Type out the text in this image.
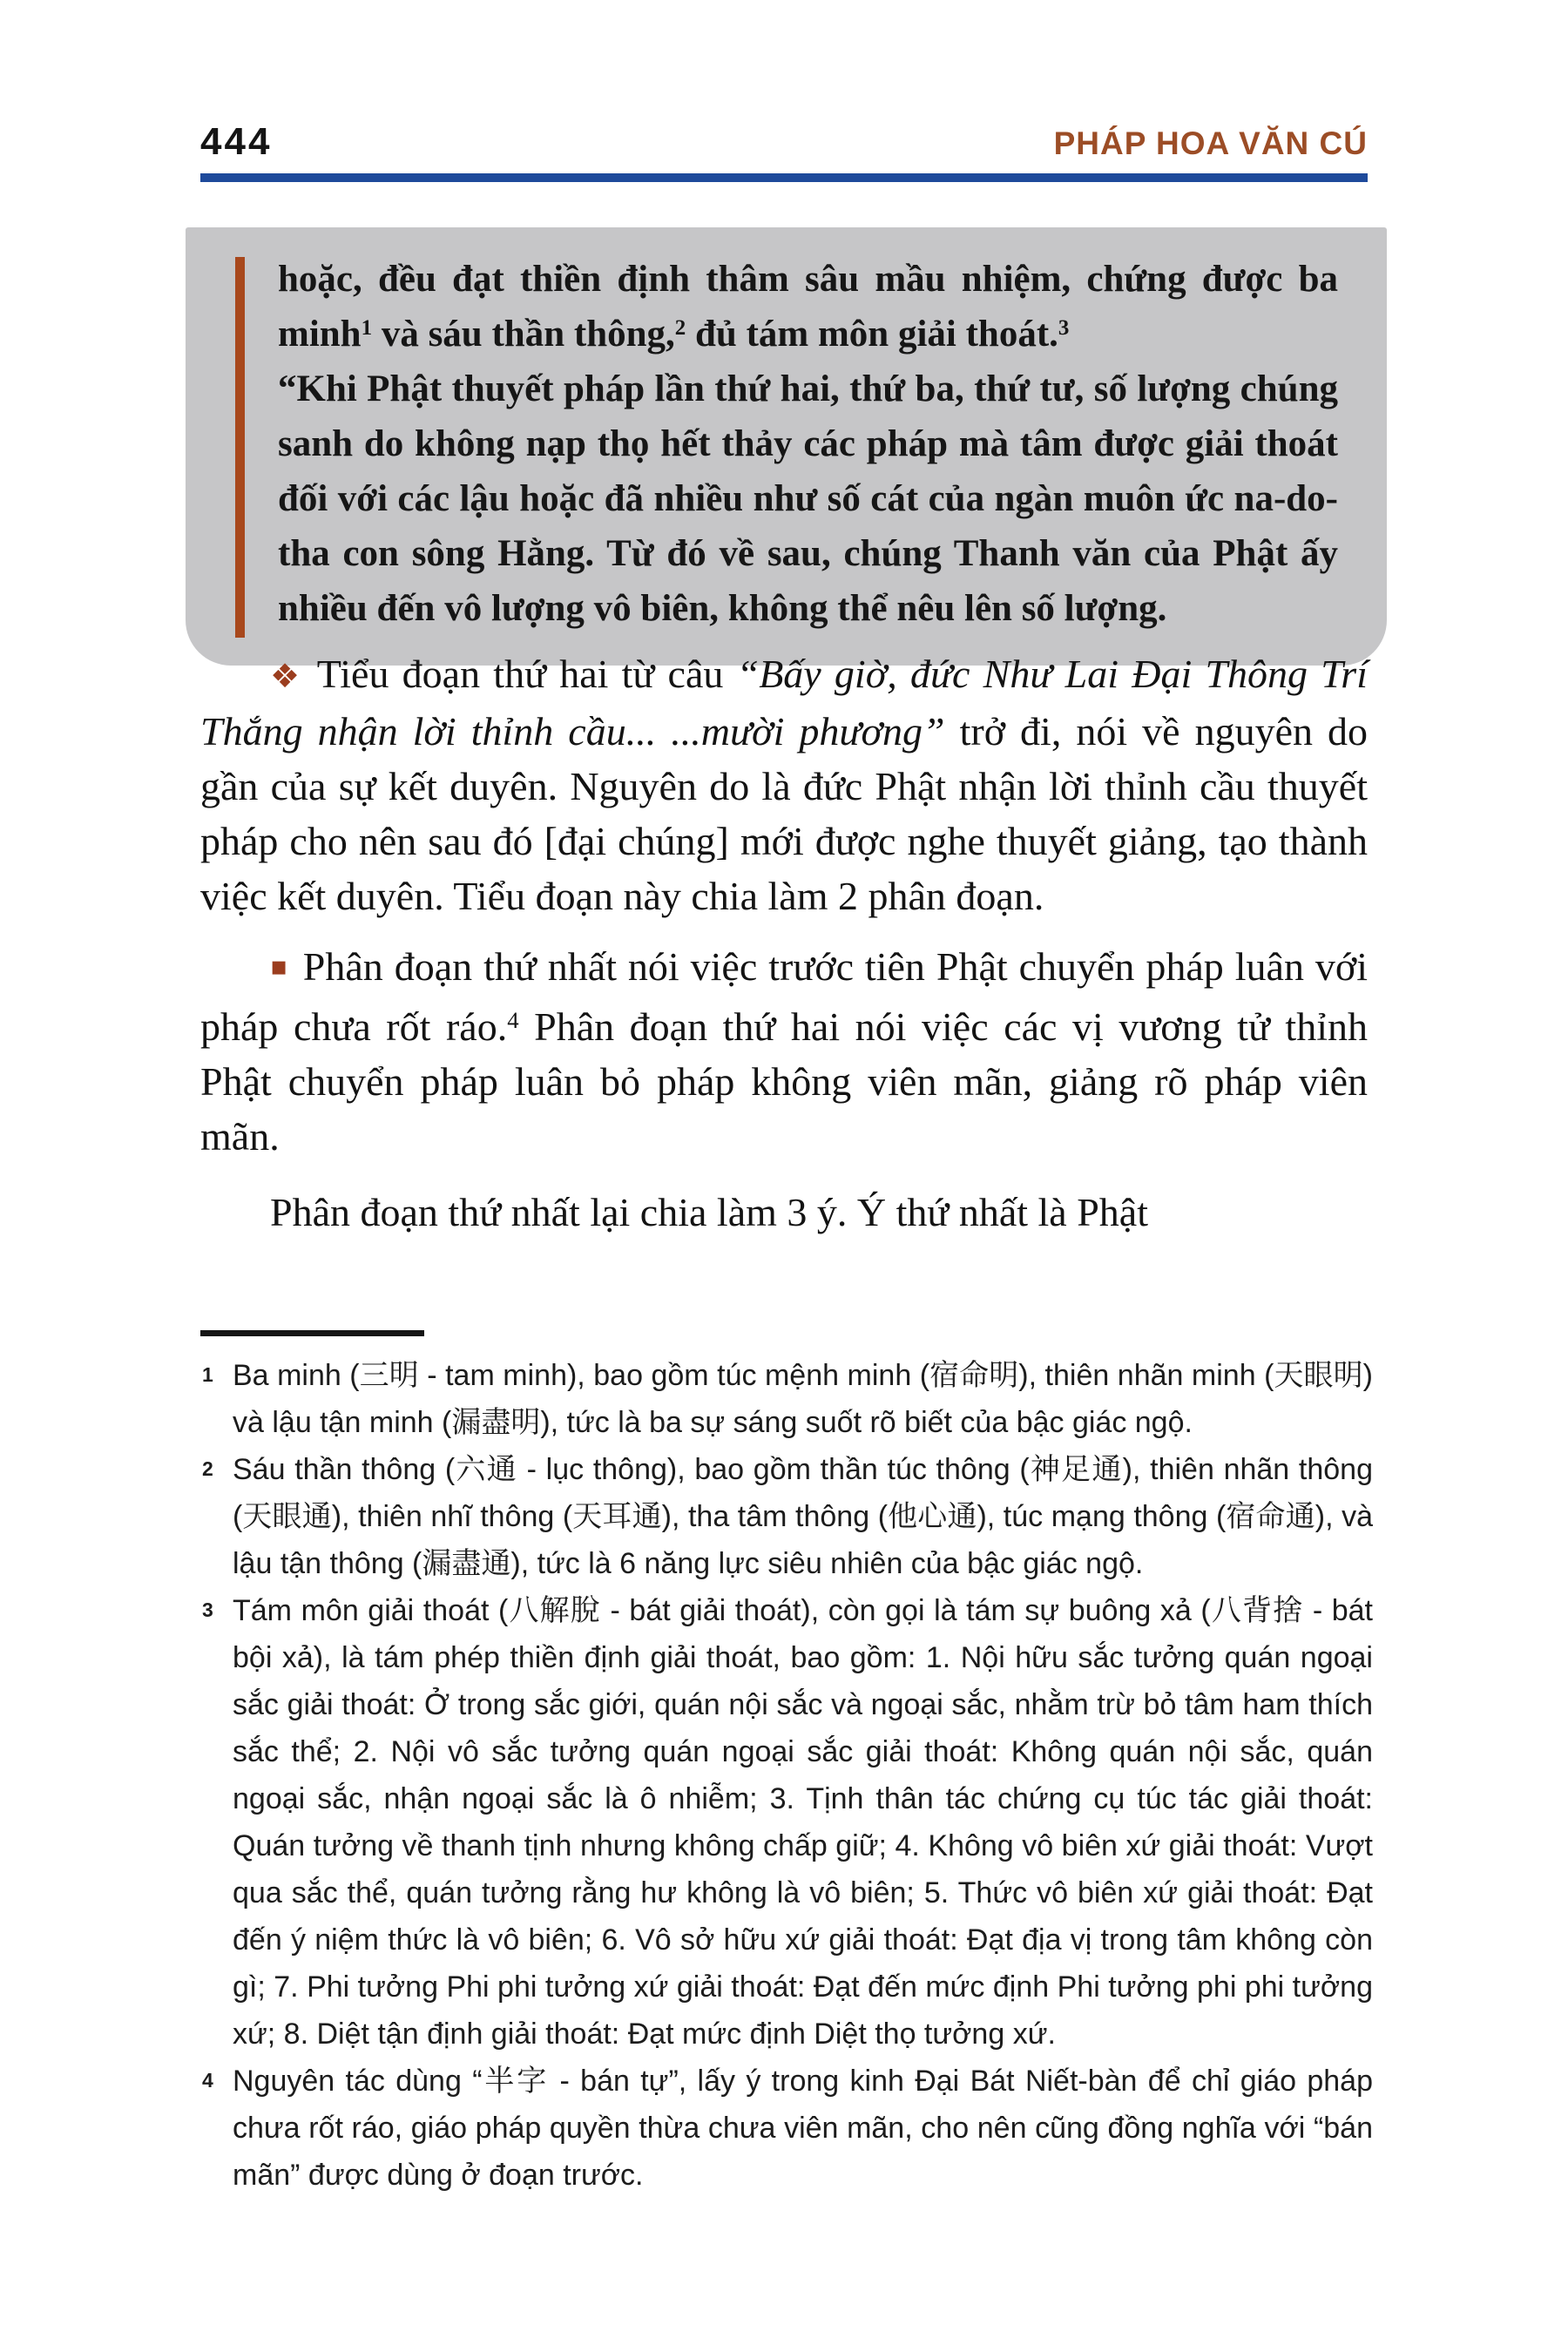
444	PHÁP HOA VĂN CÚ

hoặc, đều đạt thiền định thâm sâu mầu nhiệm, chứng được ba minh$^1$ và sáu thần thông,$^2$ đủ tám môn giải thoát.$^3$

“Khi Phật thuyết pháp lần thứ hai, thứ ba, thứ tư, số lượng chúng sanh do không nạp thọ hết thảy các pháp mà tâm được giải thoát đối với các lậu hoặc đã nhiều như số cát của ngàn muôn ức na-do-tha con sông Hằng. Từ đó về sau, chúng Thanh văn của Phật ấy nhiều đến vô lượng vô biên, không thể nêu lên số lượng.

❖ Tiểu đoạn thứ hai từ câu “Bấy giờ, đức Như Lai Đại Thông Trí Thắng nhận lời thỉnh cầu... ...mười phương” trở đi, nói về nguyên do gần của sự kết duyên. Nguyên do là đức Phật nhận lời thỉnh cầu thuyết pháp cho nên sau đó [đại chúng] mới được nghe thuyết giảng, tạo thành việc kết duyên. Tiểu đoạn này chia làm 2 phân đoạn.

▪ Phân đoạn thứ nhất nói việc trước tiên Phật chuyển pháp luân với pháp chưa rốt ráo.$^4$ Phân đoạn thứ hai nói việc các vị vương tử thỉnh Phật chuyển pháp luân bỏ pháp không viên mãn, giảng rõ pháp viên mãn.

Phân đoạn thứ nhất lại chia làm 3 ý. Ý thứ nhất là Phật

1 Ba minh (三明 - tam minh), bao gồm túc mệnh minh (宿命明), thiên nhãn minh (天眼明) và lậu tận minh (漏盡明), tức là ba sự sáng suốt rõ biết của bậc giác ngộ.
2 Sáu thần thông (六通 - lục thông), bao gồm thần túc thông (神足通), thiên nhãn thông (天眼通), thiên nhĩ thông (天耳通), tha tâm thông (他心通), túc mạng thông (宿命通), và lậu tận thông (漏盡通), tức là 6 năng lực siêu nhiên của bậc giác ngộ.
3 Tám môn giải thoát (八解脫 - bát giải thoát), còn gọi là tám sự buông xả (八背捨 - bát bội xả), là tám phép thiền định giải thoát, bao gồm: 1. Nội hữu sắc tưởng quán ngoại sắc giải thoát: Ở trong sắc giới, quán nội sắc và ngoại sắc, nhằm trừ bỏ tâm ham thích sắc thể; 2. Nội vô sắc tưởng quán ngoại sắc giải thoát: Không quán nội sắc, quán ngoại sắc, nhận ngoại sắc là ô nhiễm; 3. Tịnh thân tác chứng cụ túc tác giải thoát: Quán tưởng về thanh tịnh nhưng không chấp giữ; 4. Không vô biên xứ giải thoát: Vượt qua sắc thể, quán tưởng rằng hư không là vô biên; 5. Thức vô biên xứ giải thoát: Đạt đến ý niệm thức là vô biên; 6. Vô sở hữu xứ giải thoát: Đạt địa vị trong tâm không còn gì; 7. Phi tưởng Phi phi tưởng xứ giải thoát: Đạt đến mức định Phi tưởng phi phi tưởng xứ; 8. Diệt tận định giải thoát: Đạt mức định Diệt thọ tưởng xứ.
4 Nguyên tác dùng “半字 - bán tự”, lấy ý trong kinh Đại Bát Niết-bàn để chỉ giáo pháp chưa rốt ráo, giáo pháp quyền thừa chưa viên mãn, cho nên cũng đồng nghĩa với “bán mãn” được dùng ở đoạn trước.
